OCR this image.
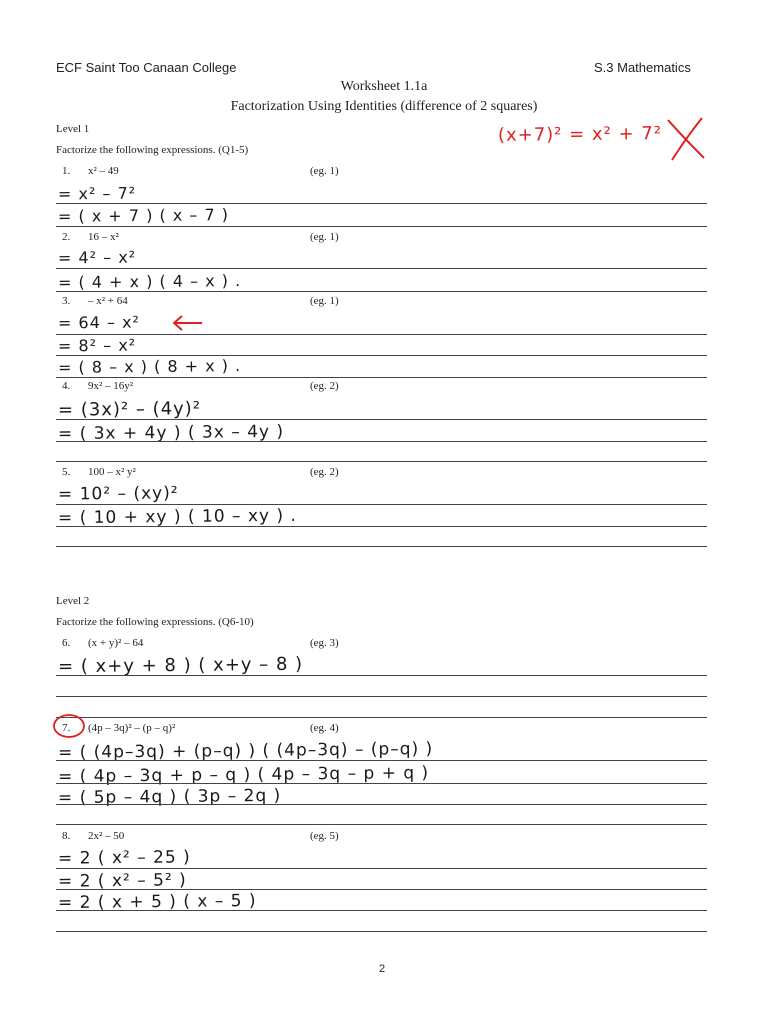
ECF Saint Too Canaan College	S.3 Mathematics
Worksheet 1.1a
Factorization Using Identities (difference of 2 squares)
(x+7)² = x² + 7²
Level 1
Factorize the following expressions. (Q1-5)
1. x² – 49	(eg. 1)
= x² – 7²
= ( x + 7 ) ( x – 7 )
2. 16 – x²	(eg. 1)
= 4² – x²
= ( 4 + x ) ( 4 – x ) .
3. – x² + 64	(eg. 1)
= 64 – x²
= 8² – x²
= ( 8 – x ) ( 8 + x ) .
4. 9x² – 16y²	(eg. 2)
= (3x)² – (4y)²
= ( 3x + 4y ) ( 3x – 4y )
5. 100 – x² y²	(eg. 2)
= 10² – (xy)²
= ( 10 + xy ) ( 10 – xy ) .
Level 2
Factorize the following expressions. (Q6-10)
6. (x + y)² – 64	(eg. 3)
= ( x+y + 8 ) ( x+y – 8 )
7. (4p – 3q)² – (p – q)²	(eg. 4)
= ( (4p–3q) + (p–q) ) ( (4p–3q) – (p–q) )
= ( 4p – 3q + p – q ) ( 4p – 3q – p + q )
= ( 5p – 4q ) ( 3p – 2q )
8. 2x² – 50	(eg. 5)
= 2 ( x² – 25 )
= 2 ( x² – 5² )
= 2 ( x + 5 ) ( x – 5 )
2
